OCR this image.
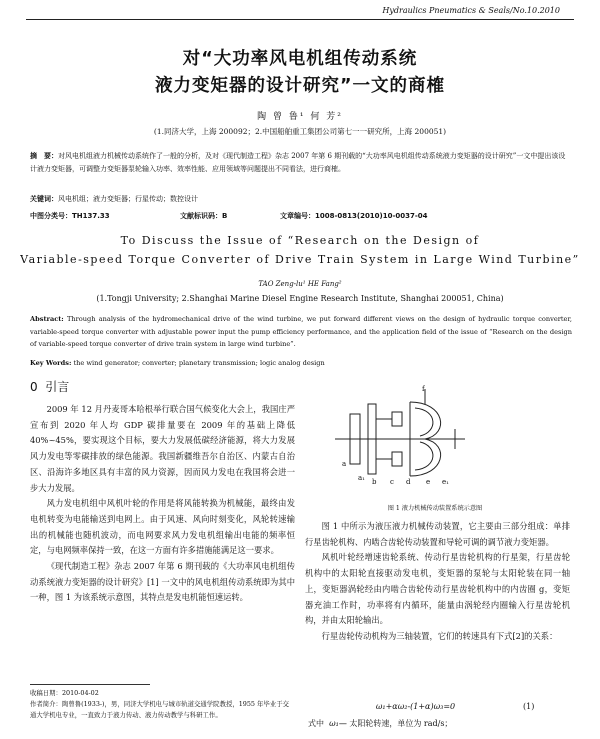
Hydraulics Pneumatics & Seals/No.10.2010
对“大功率风电机组传动系统
液力变矩器的设计研究”一文的商榷
陶 曾 鲁¹ 何 芳²
(1.同济大学，上海 200092；2.中国船舶重工集团公司第七一一研究所，上海 200051)
摘　要：对风电机组液力机械传动系统作了一般的分析，及对《现代制造工程》杂志 2007 年第 6 期刊载的“大功率风电机组传动系统液力变矩器的设计研究”一文中提出该设计液力变矩器，可调整力变矩器泵轮输入功率、效率性能、应用领域等问题提出不同看法，进行商榷。
关键词：风电机组；液力变矩器；行星传动；数控设计
中图分类号：TH137.33	文献标识码：B	文章编号：1008-0813(2010)10-0037-04
To Discuss the Issue of “Research on the Design of
Variable-speed Torque Converter of Drive Train System in Large Wind Turbine”
TAO Zeng-lu¹ HE Fang²
(1.Tongji University; 2.Shanghai Marine Diesel Engine Research Institute, Shanghai 200051, China)
Abstract: Through analysis of the hydromechanical drive of the wind turbine, we put forward different views on the design of hydraulic torque converter, variable-speed torque converter with adjustable power input the pump efficiency performance, and the application field of the issue of “Research on the design of variable-speed torque converter of drive train system in large wind turbine”.
Key Words: the wind generator; converter; planetary transmission; logic analog design
0 引言

2009 年 12 月丹麦哥本哈根举行联合国气候变化大会上，我国庄严宣布到 2020 年人均 GDP 碳排量要在 2009 年的基础上降低 40%~45%，要实现这个目标，要大力发展低碳经济能源，将大力发展风力发电等零碳排放的绿色能源。我国新疆维吾尔自治区、内蒙古自治区、沿海许多地区具有丰富的风力资源，因而风力发电在我国将会进一步大力发展。

风力发电机组中风机叶轮的作用是将风能转换为机械能，最终由发电机转变为电能输送到电网上。由于风速、风向时刻变化，风轮转速输出的机械能也随机波动，而电网要求风力发电机组输出电能的频率恒定，与电网频率保持一致，在这一方面有许多措施能满足这一要求。

《现代制造工程》杂志 2007 年第 6 期刊载的《大功率风电机组传动系统液力变矩器的设计研究》[1] 一文中的风电机组传动系统即为其中一种，图 1 为该系统示意图，其特点是发电机能恒速运转。

收稿日期：2010-04-02
作者简介：陶曾鲁(1933-)，男，同济大学机电与城市轨道交通学院教授，1955 年毕业于交通大学机电专业，一直致力于液力传动、液力传动教学与科研工作。
f
a
a₁ b c d e e₁
图 1 液力机械传动装置系统示意图

图 1 中所示为液压液力机械传动装置，它主要由三部分组成：单排行星齿轮机构、内啮合齿轮传动装置和导轮可调的调节液力变矩器。

风机叶轮经增速齿轮系统、传动行星齿轮机构的行星架，行星齿轮机构中的太阳轮直接驱动发电机，变矩器的泵轮与太阳轮装在同一轴上，变矩器涡轮经由内啮合齿轮传动行星齿轮机构中的内齿圈 g，变矩器充油工作时，功率将有内循环，能量由涡轮经内圈输入行星齿轮机构，并由太阳轮输出。

行星齿轮传动机构为三轴装置，它们的转速具有下式[2]的关系：

ω₁+αω₂-(1+α)ω₃=0	(1)
式中 ω₁— 太阳轮转速，单位为 rad/s；
